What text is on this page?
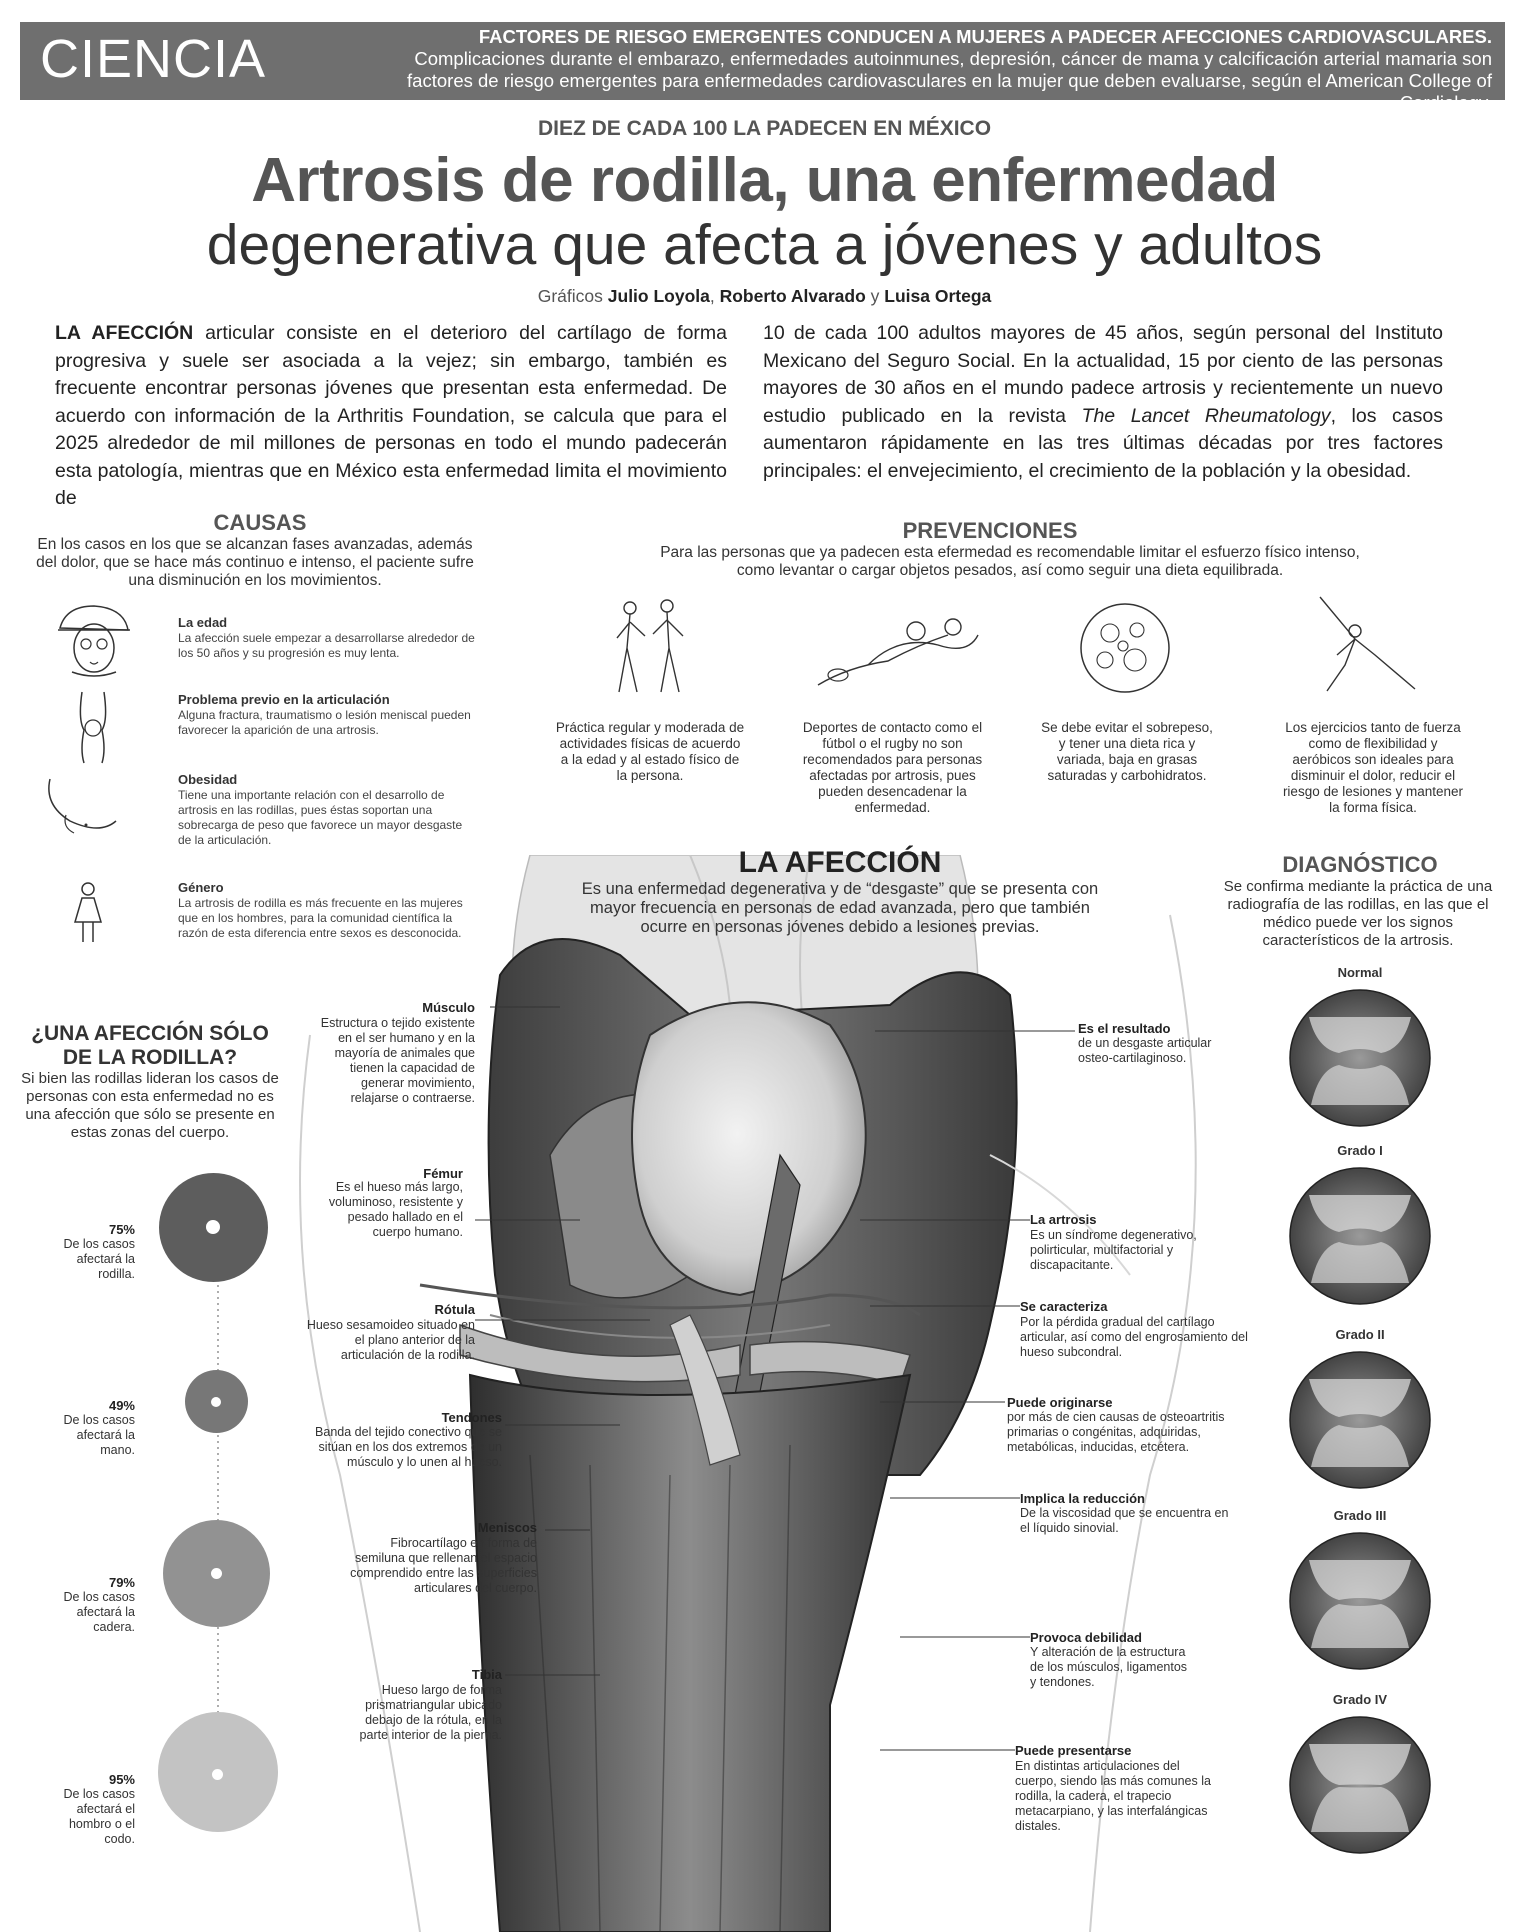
CIENCIA	FACTORES DE RIESGO EMERGENTES CONDUCEN A MUJERES A PADECER AFECCIONES CARDIOVASCULARES. Complicaciones durante el embarazo, enfermedades autoinmunes, depresión, cáncer de mama y calcificación arterial mamaria son factores de riesgo emergentes para enfermedades cardiovasculares en la mujer que deben evaluarse, según el American College of Cardiology.
DIEZ DE CADA 100 LA PADECEN EN MÉXICO
Artrosis de rodilla, una enfermedad
degenerativa que afecta a jóvenes y adultos
Gráficos Julio Loyola, Roberto Alvarado y Luisa Ortega
LA AFECCIÓN articular consiste en el deterioro del cartílago de forma progresiva y suele ser asociada a la vejez; sin embargo, también es frecuente encontrar personas jóvenes que presentan esta enfermedad. De acuerdo con información de la Arthritis Foundation, se calcula que para el 2025 alrededor de mil millones de personas en todo el mundo padecerán esta patología, mientras que en México esta enfermedad limita el movimiento de
10 de cada 100 adultos mayores de 45 años, según personal del Instituto Mexicano del Seguro Social. En la actualidad, 15 por ciento de las personas mayores de 30 años en el mundo padece artrosis y recientemente un nuevo estudio publicado en la revista The Lancet Rheumatology, los casos aumentaron rápidamente en las tres últimas décadas por tres factores principales: el envejecimiento, el crecimiento de la población y la obesidad.
CAUSAS
En los casos en los que se alcanzan fases avanzadas, además del dolor, que se hace más continuo e intenso, el paciente sufre una disminución en los movimientos.
La edad
La afección suele empezar a desarrollarse alrededor de los 50 años y su progresión es muy lenta.
Problema previo en la articulación
Alguna fractura, traumatismo o lesión meniscal pueden favorecer la aparición de una artrosis.
Obesidad
Tiene una importante relación con el desarrollo de artrosis en las rodillas, pues éstas soportan una sobrecarga de peso que favorece un mayor desgaste de la articulación.
Género
La artrosis de rodilla es más frecuente en las mujeres que en los hombres, para la comunidad científica la razón de esta diferencia entre sexos es desconocida.
PREVENCIONES
Para las personas que ya padecen esta efermedad es recomendable limitar el esfuerzo físico intenso, como levantar o cargar objetos pesados, así como seguir una dieta equilibrada.
Práctica regular y moderada de actividades físicas de acuerdo a la edad y al estado físico de la persona.
Deportes de contacto como el fútbol o el rugby no son recomendados para personas afectadas por artrosis, pues pueden desencadenar la enfermedad.
Se debe evitar el sobrepeso, y tener una dieta rica y variada, baja en grasas saturadas y carbohidratos.
Los ejercicios tanto de fuerza como de flexibilidad y aeróbicos son ideales para disminuir el dolor, reducir el riesgo de lesiones y mantener la forma física.
LA AFECCIÓN
Es una enfermedad degenerativa y de “desgaste” que se presenta con mayor frecuencia en personas de edad avanzada, pero que también ocurre en personas jóvenes debido a lesiones previas.
DIAGNÓSTICO
Se confirma mediante la práctica de una radiografía de las rodillas, en las que el médico puede ver los signos característicos de la artrosis.
Normal
Grado I
Grado II
Grado III
Grado IV
¿UNA AFECCIÓN SÓLO DE LA RODILLA?
Si bien las rodillas lideran los casos de personas con esta enfermedad no es una afección que sólo se presente en estas zonas del cuerpo.
75%
De los casos afectará la rodilla.
49%
De los casos afectará la mano.
79%
De los casos afectará la cadera.
95%
De los casos afectará el hombro o el codo.
Músculo
Estructura o tejido existente en el ser humano y en la mayoría de animales que tienen la capacidad de generar movimiento, relajarse o contraerse.
Fémur
Es el hueso más largo, voluminoso, resistente y pesado hallado en el cuerpo humano.
Rótula
Hueso sesamoideo situado en el plano anterior de la articulación de la rodilla.
Tendones
Banda del tejido conectivo que se sitúan en los dos extremos de un músculo y lo unen al hueso.
Meniscos
Fibrocartílago en forma de semiluna que rellenan el espacio comprendido entre las superficies articulares del cuerpo.
Tibia
Hueso largo de forma prismatriangular ubicado debajo de la rótula, en la parte interior de la pierna.
Es el resultado
de un desgaste articular osteo-cartilaginoso.
La artrosis
Es un síndrome degenerativo, polirticular, multifactorial y discapacitante.
Se caracteriza
Por la pérdida gradual del cartílago articular, así como del engrosamiento del hueso subcondral.
Puede originarse
por más de cien causas de osteoartritis primarias o congénitas, adquiridas, metabólicas, inducidas, etcétera.
Implica la reducción
De la viscosidad que se encuentra en el líquido sinovial.
Provoca debilidad
Y alteración de la estructura de los músculos, ligamentos y tendones.
Puede presentarse
En distintas articulaciones del cuerpo, siendo las más comunes la rodilla, la cadera, el trapecio metacarpiano, y las interfalángicas distales.
